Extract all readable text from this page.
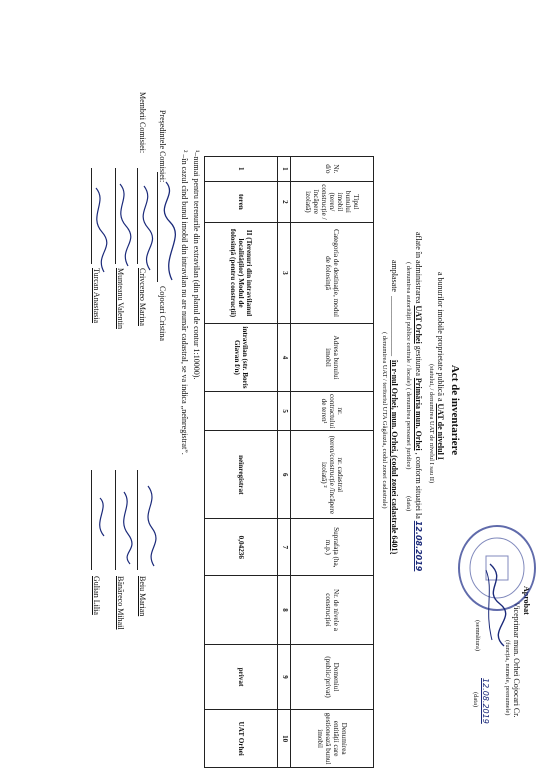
Aprobat
Viceprimar mun. Orhei Cojocari Cr.
(funcția, numele, prenumele)
(semnătura)
12.08.2019
(data)
Act de inventariere
a bunurilor imobile proprietate publică a UAT de nivelul I
(statului, / denumirea UAT de nivelul I sau II)
aflate în administrarea UAT Orhei gestiunea Primăria mun. Orhei , conform situației la 12.08.2019
( denumirea autorității publice centrale / locale)
( denumirea persoanei juridice)
(data)
amplasate  _______________  în r-nul Orhei, mun. Orhei, (codul zonei cadastrale 6401)
( denumirea UAT / teritoriul UTA Găgăuzia, codul zonei cadastrale)
Nr. d/o	Tipul bunului imobil (teren/ construcție /încăpere izolată)	Categoria de destinație, modul de folosință	Adresa bunului imobil	nr. contractului de teren¹	nr. cadastral (teren/construcție /încăpere izolată) ²	Suprafața (ha, m.p.)	Nr. de nivele a construcției	Domeniul (public/privat)	Denumirea entității care gestionează bunul imobil
1	2	3	4	5	6	7	8	9	10
1	teren	II (Terenuri din intravilanul localităților) Modul de folosință (pentru construcții)	intravilan (str. Boris Glavan f/n)		neînregistrat	0,04236		privat	UAT Orhei
¹–numai pentru terenurile din extravilan (din planul de contur 1:10000).
² –în cazul cînd bunul imobil din intravilan nu are număr cadastral, se va indica „neînregistrat”.
Președintele Comisiei:
Cojocari Cristina
Membrii Comisiei:
Crivceneo Marina
Munteanu Valentin
Turcan Anastasia
Beiu Marian
Bănăreco Mihail
Gulian Lilia
